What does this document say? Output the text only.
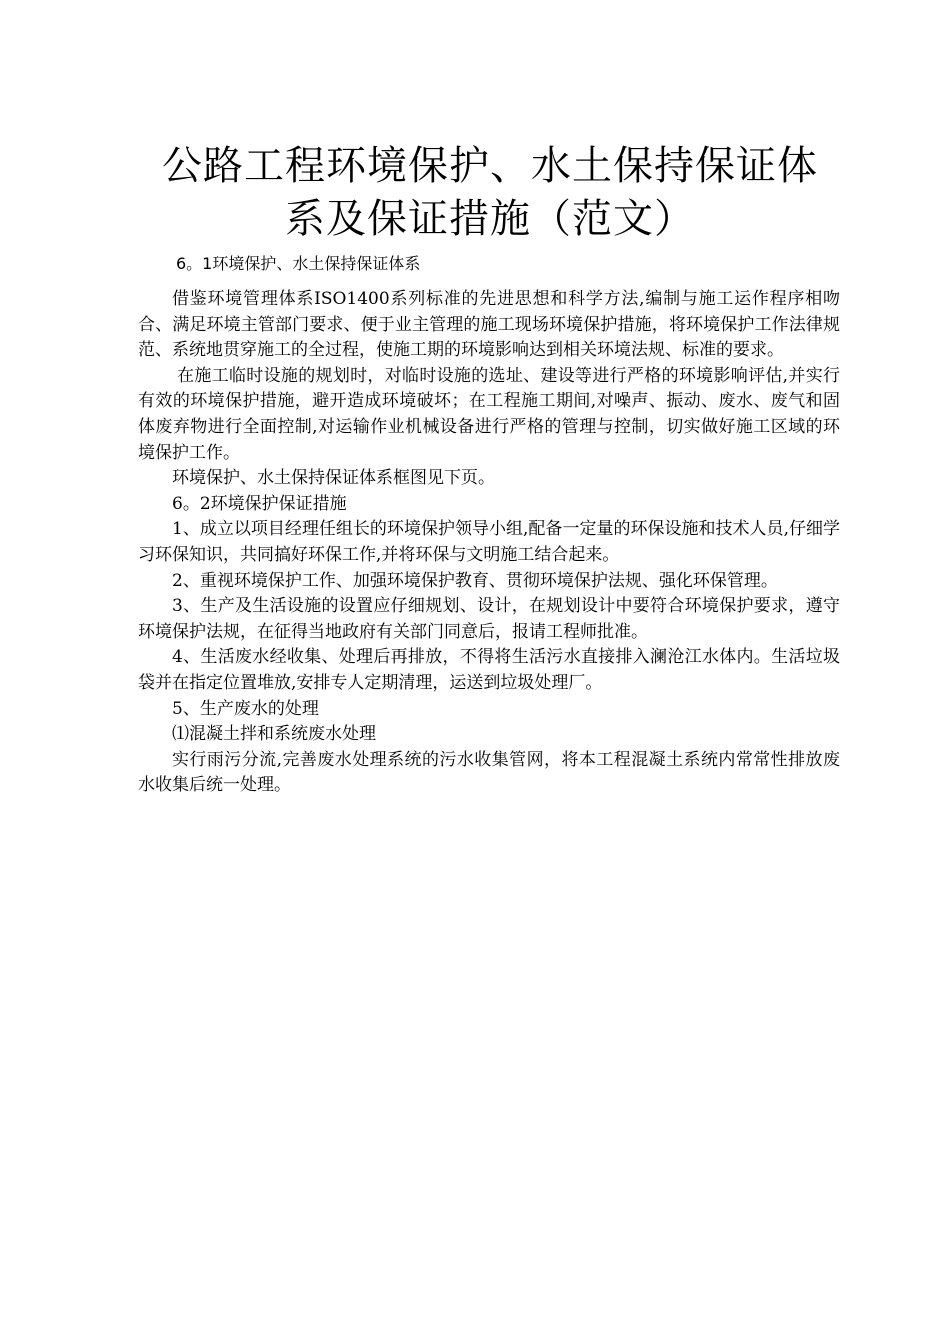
公路工程环境保护、水土保持保证体
系及保证措施（范文）
6。1环境保护、水土保持保证体系

借鉴环境管理体系ISO1400系列标准的先进思想和科学方法,编制与施工运作程序相吻合、满足环境主管部门要求、便于业主管理的施工现场环境保护措施，将环境保护工作法律规范、系统地贯穿施工的全过程，使施工期的环境影响达到相关环境法规、标准的要求。

在施工临时设施的规划时，对临时设施的选址、建设等进行严格的环境影响评估,并实行有效的环境保护措施，避开造成环境破坏；在工程施工期间,对噪声、振动、废水、废气和固体废弃物进行全面控制,对运输作业机械设备进行严格的管理与控制，切实做好施工区域的环境保护工作。

环境保护、水土保持保证体系框图见下页。

6。2环境保护保证措施

1、成立以项目经理任组长的环境保护领导小组,配备一定量的环保设施和技术人员,仔细学习环保知识，共同搞好环保工作,并将环保与文明施工结合起来。

2、重视环境保护工作、加强环境保护教育、贯彻环境保护法规、强化环保管理。

3、生产及生活设施的设置应仔细规划、设计，在规划设计中要符合环境保护要求，遵守环境保护法规，在征得当地政府有关部门同意后，报请工程师批准。

4、生活废水经收集、处理后再排放，不得将生活污水直接排入澜沧江水体内。生活垃圾袋并在指定位置堆放,安排专人定期清理，运送到垃圾处理厂。

5、生产废水的处理

⑴混凝土拌和系统废水处理

实行雨污分流,完善废水处理系统的污水收集管网，将本工程混凝土系统内常常性排放废水收集后统一处理。
